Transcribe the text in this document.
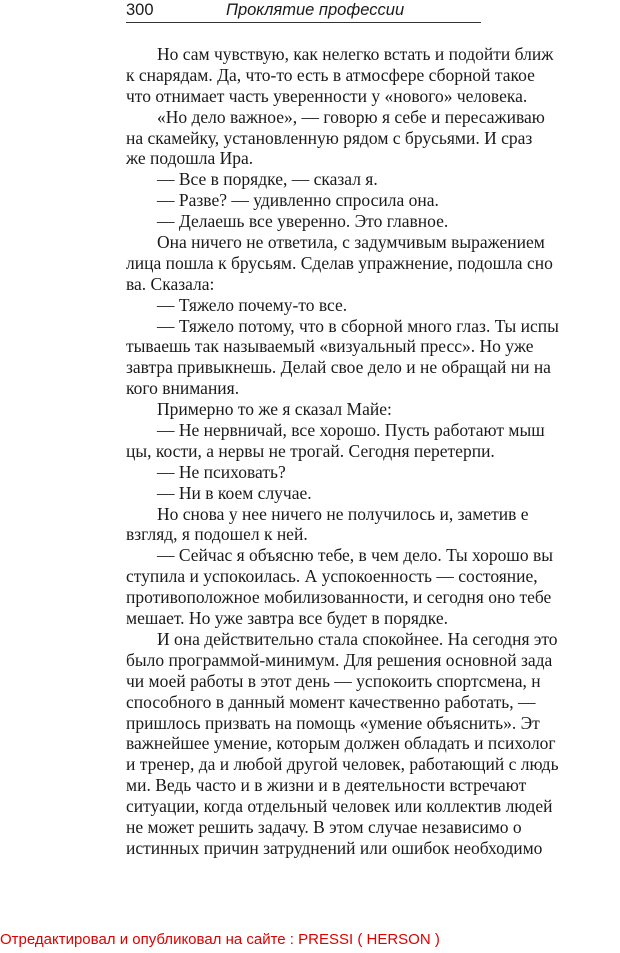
300	Проклятие профессии
Но сам чувствую, как нелегко встать и подойти ближ
к снарядам. Да, что-то есть в атмосфере сборной такое
что отнимает часть уверенности у «нового» человека.
«Но дело важное», — говорю я себе и пересаживаю
на скамейку, установленную рядом с брусьями. И сраз
же подошла Ира.
— Все в порядке, — сказал я.
— Разве? — удивленно спросила она.
— Делаешь все уверенно. Это главное.
Она ничего не ответила, с задумчивым выражением
лица пошла к брусьям. Сделав упражнение, подошла сно
ва. Сказала:
— Тяжело почему-то все.
— Тяжело потому, что в сборной много глаз. Ты испы
тываешь так называемый «визуальный пресс». Но уже
завтра привыкнешь. Делай свое дело и не обращай ни на
кого внимания.
Примерно то же я сказал Майе:
— Не нервничай, все хорошо. Пусть работают мыш
цы, кости, а нервы не трогай. Сегодня перетерпи.
— Не психовать?
— Ни в коем случае.
Но снова у нее ничего не получилось и, заметив е
взгляд, я подошел к ней.
— Сейчас я объясню тебе, в чем дело. Ты хорошо вы
ступила и успокоилась. А успокоенность — состояние,
противоположное мобилизованности, и сегодня оно тебе
мешает. Но уже завтра все будет в порядке.
И она действительно стала спокойнее. На сегодня это
было программой-минимум. Для решения основной зада
чи моей работы в этот день — успокоить спортсмена, н
способного в данный момент качественно работать, —
пришлось призвать на помощь «умение объяснить». Эт
важнейшее умение, которым должен обладать и психолог
и тренер, да и любой другой человек, работающий с людь
ми. Ведь часто и в жизни и в деятельности встречают
ситуации, когда отдельный человек или коллектив людей
не может решить задачу. В этом случае независимо о
истинных причин затруднений или ошибок необходимо
Отредактировал и опубликовал на сайте : PRESSI ( HERSON )
